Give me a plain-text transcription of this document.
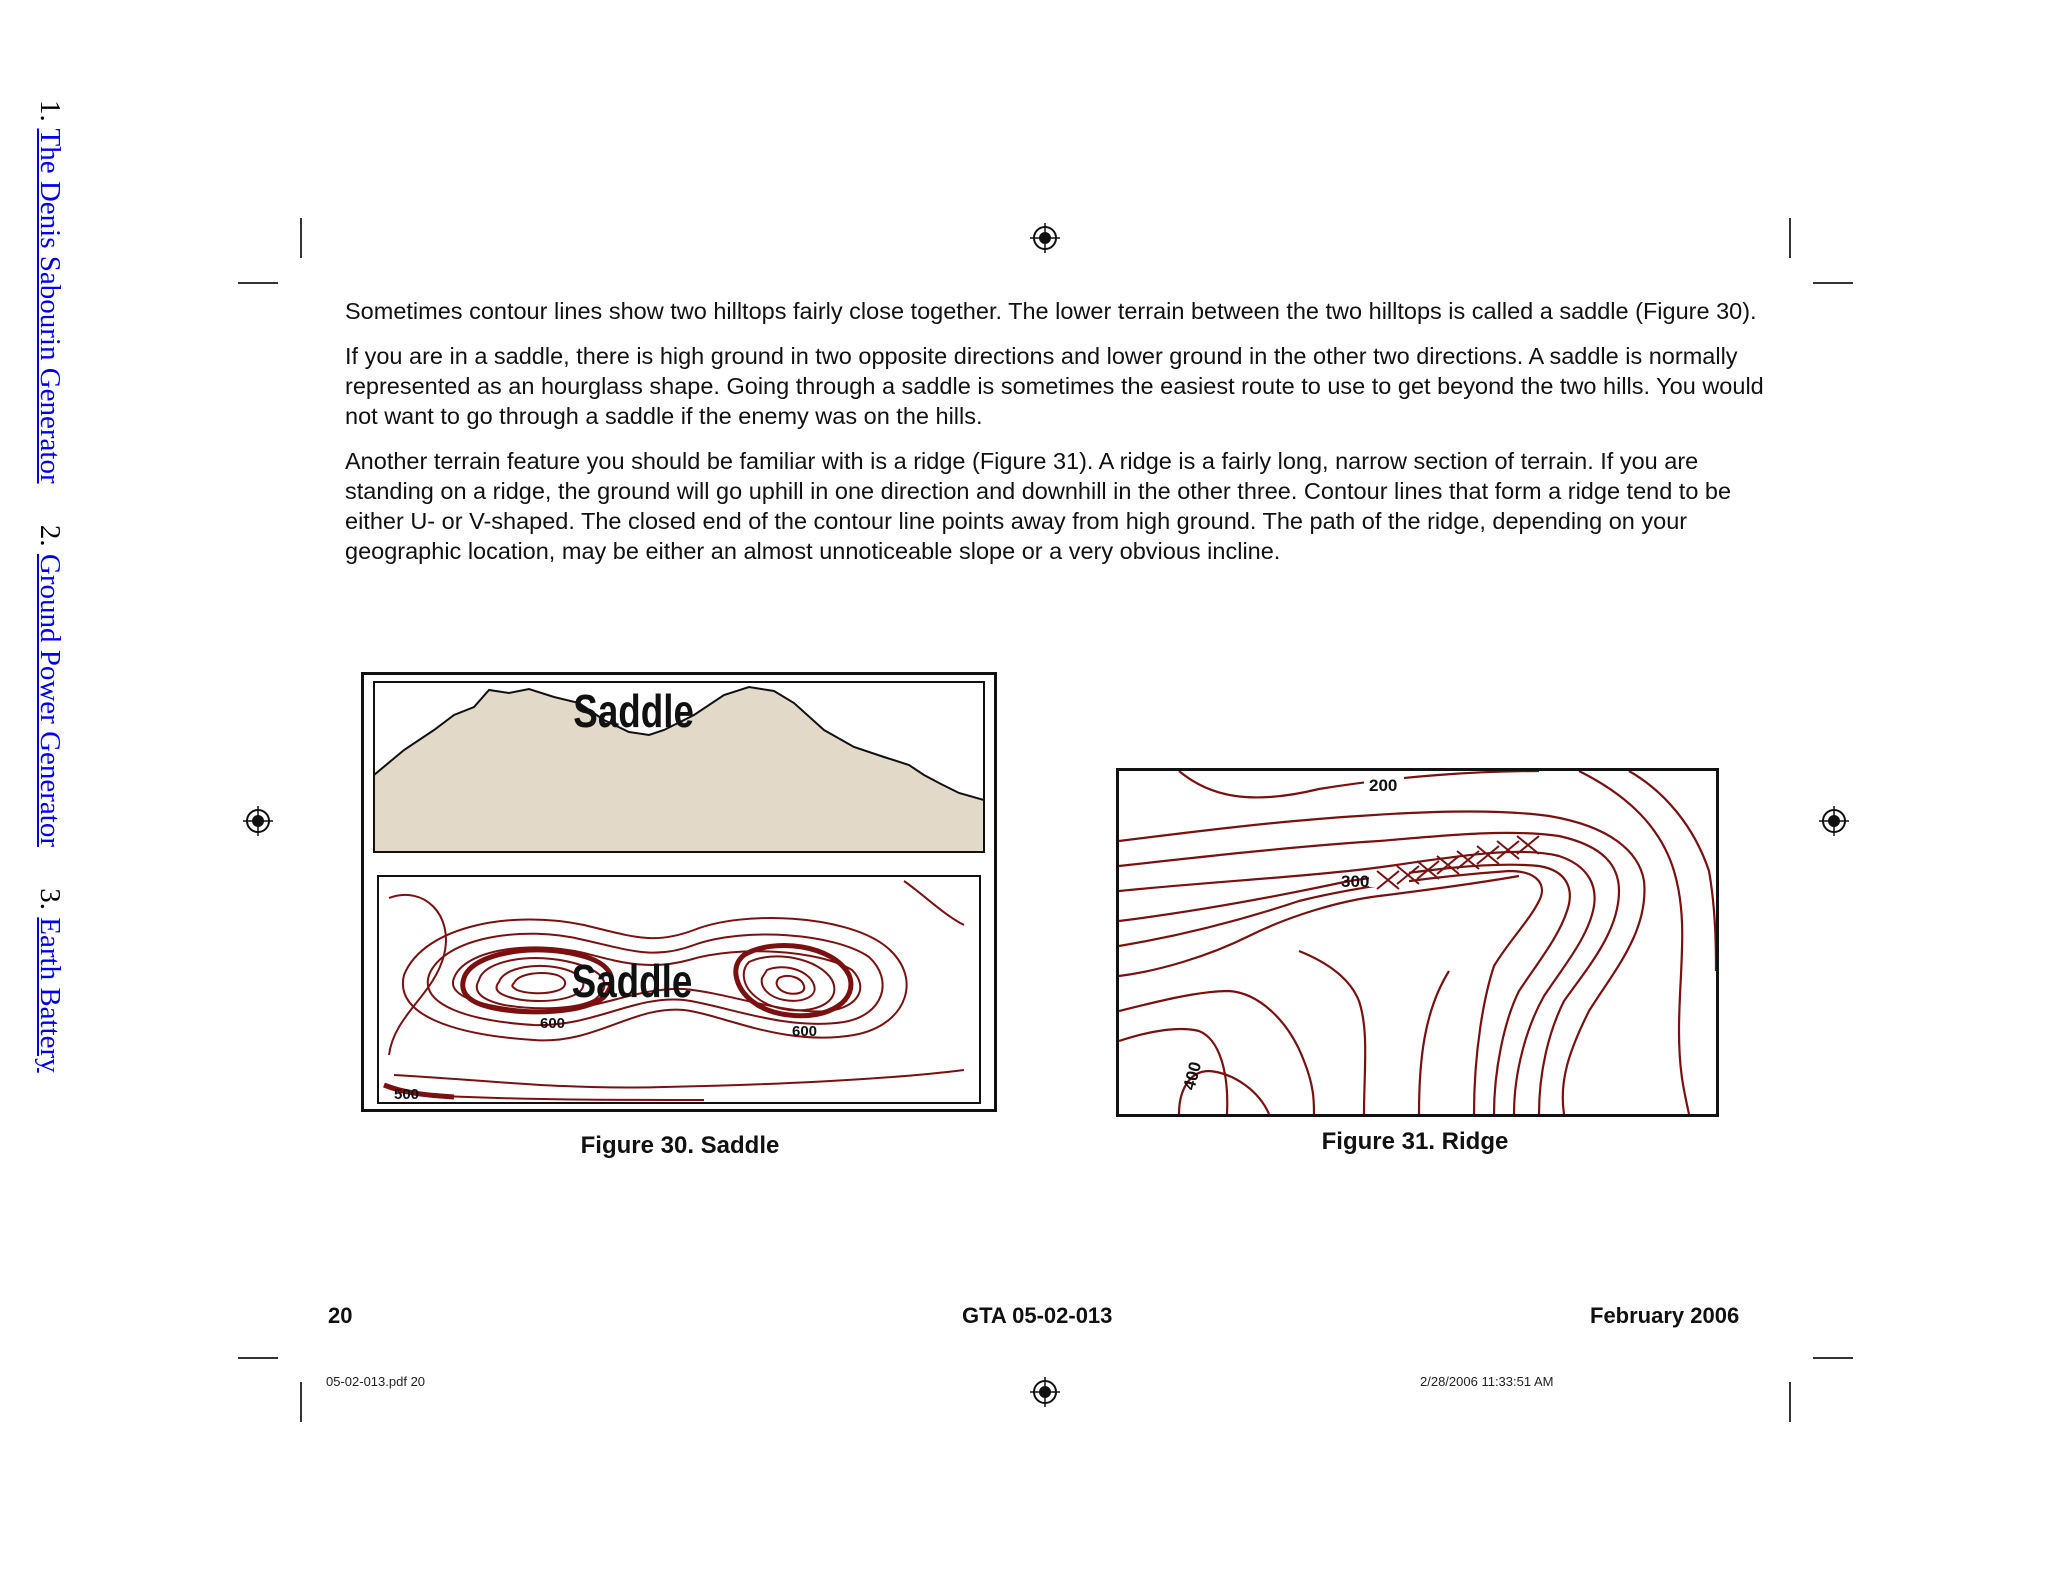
1. The Denis Sabourin Generator 2. Ground Power Generator 3. Earth Battery

Sometimes contour lines show two hilltops fairly close together. The lower terrain between the two hilltops is called a saddle (Figure 30).

If you are in a saddle, there is high ground in two opposite directions and lower ground in the other two directions. A saddle is normally represented as an hourglass shape. Going through a saddle is sometimes the easiest route to use to get beyond the two hills. You would not want to go through a saddle if the enemy was on the hills.

Another terrain feature you should be familiar with is a ridge (Figure 31). A ridge is a fairly long, narrow section of terrain. If you are standing on a ridge, the ground will go uphill in one direction and downhill in the other three. Contour lines that form a ridge tend to be either U- or V-shaped. The closed end of the contour line points away from high ground. The path of the ridge, depending on your geographic location, may be either an almost unnoticeable slope or a very obvious incline.

Saddle
600	600
500
Saddle
Figure 30. Saddle
200
300
400
Figure 31. Ridge
20	GTA 05-02-013	February 2006
05-02-013.pdf 20	2/28/2006 11:33:51 AM
